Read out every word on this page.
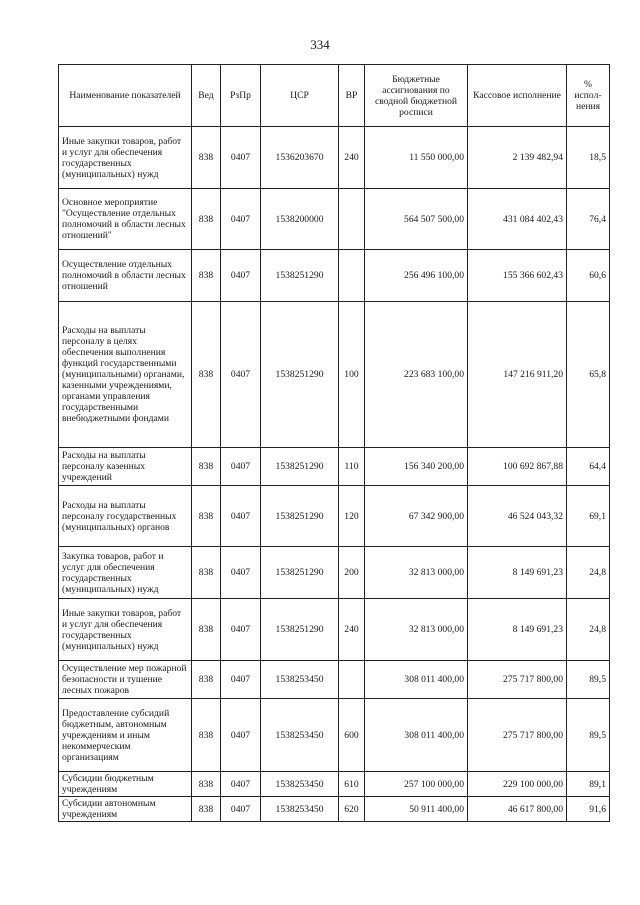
334
Наименование показателей	Вед	РзПр	ЦСР	ВР	Бюджетные ассигнования по сводной бюджетной росписи	Кассовое исполнение	% испол-нения
Иные закупки товаров, работ и услуг для обеспечения государственных (муниципальных) нужд	838	0407	1536203670	240	11 550 000,00	2 139 482,94	18,5
Основное мероприятие "Осуществление отдельных полномочий в области лесных отношений"	838	0407	1538200000		564 507 500,00	431 084 402,43	76,4
Осуществление отдельных полномочий в области лесных отношений	838	0407	1538251290		256 496 100,00	155 366 602,43	60,6
Расходы на выплаты персоналу в целях обеспечения выполнения функций государственными (муниципальными) органами, казенными учреждениями, органами управления государственными внебюджетными фондами	838	0407	1538251290	100	223 683 100,00	147 216 911,20	65,8
Расходы на выплаты персоналу казенных учреждений	838	0407	1538251290	110	156 340 200,00	100 692 867,88	64,4
Расходы на выплаты персоналу государственных (муниципальных) органов	838	0407	1538251290	120	67 342 900,00	46 524 043,32	69,1
Закупка товаров, работ и услуг для обеспечения государственных (муниципальных) нужд	838	0407	1538251290	200	32 813 000,00	8 149 691,23	24,8
Иные закупки товаров, работ и услуг для обеспечения государственных (муниципальных) нужд	838	0407	1538251290	240	32 813 000,00	8 149 691,23	24,8
Осуществление мер пожарной безопасности и тушение лесных пожаров	838	0407	1538253450		308 011 400,00	275 717 800,00	89,5
Предоставление субсидий бюджетным, автономным учреждениям и иным некоммерческим организациям	838	0407	1538253450	600	308 011 400,00	275 717 800,00	89,5
Субсидии бюджетным учреждениям	838	0407	1538253450	610	257 100 000,00	229 100 000,00	89,1
Субсидии автономным учреждениям	838	0407	1538253450	620	50 911 400,00	46 617 800,00	91,6
